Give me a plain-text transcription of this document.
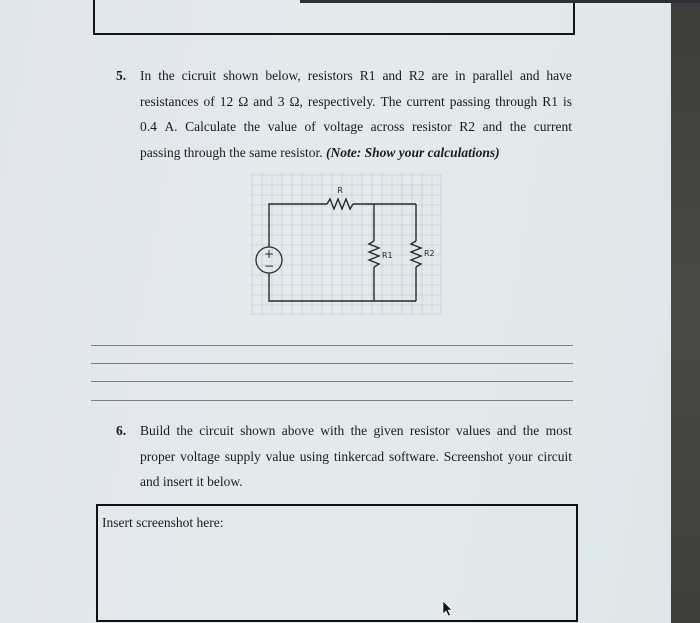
5. In the cicruit shown below, resistors R1 and R2 are in parallel and have
resistances of 12 Ω and 3 Ω, respectively. The current passing through R1 is
0.4 A. Calculate the value of voltage across resistor R2 and the current
passing through the same resistor. (Note: Show your calculations)
+
−
R
R1	R2
6. Build the circuit shown above with the given resistor values and the most
proper voltage supply value using tinkercad software. Screenshot your circuit
and insert it below.
Insert screenshot here:
